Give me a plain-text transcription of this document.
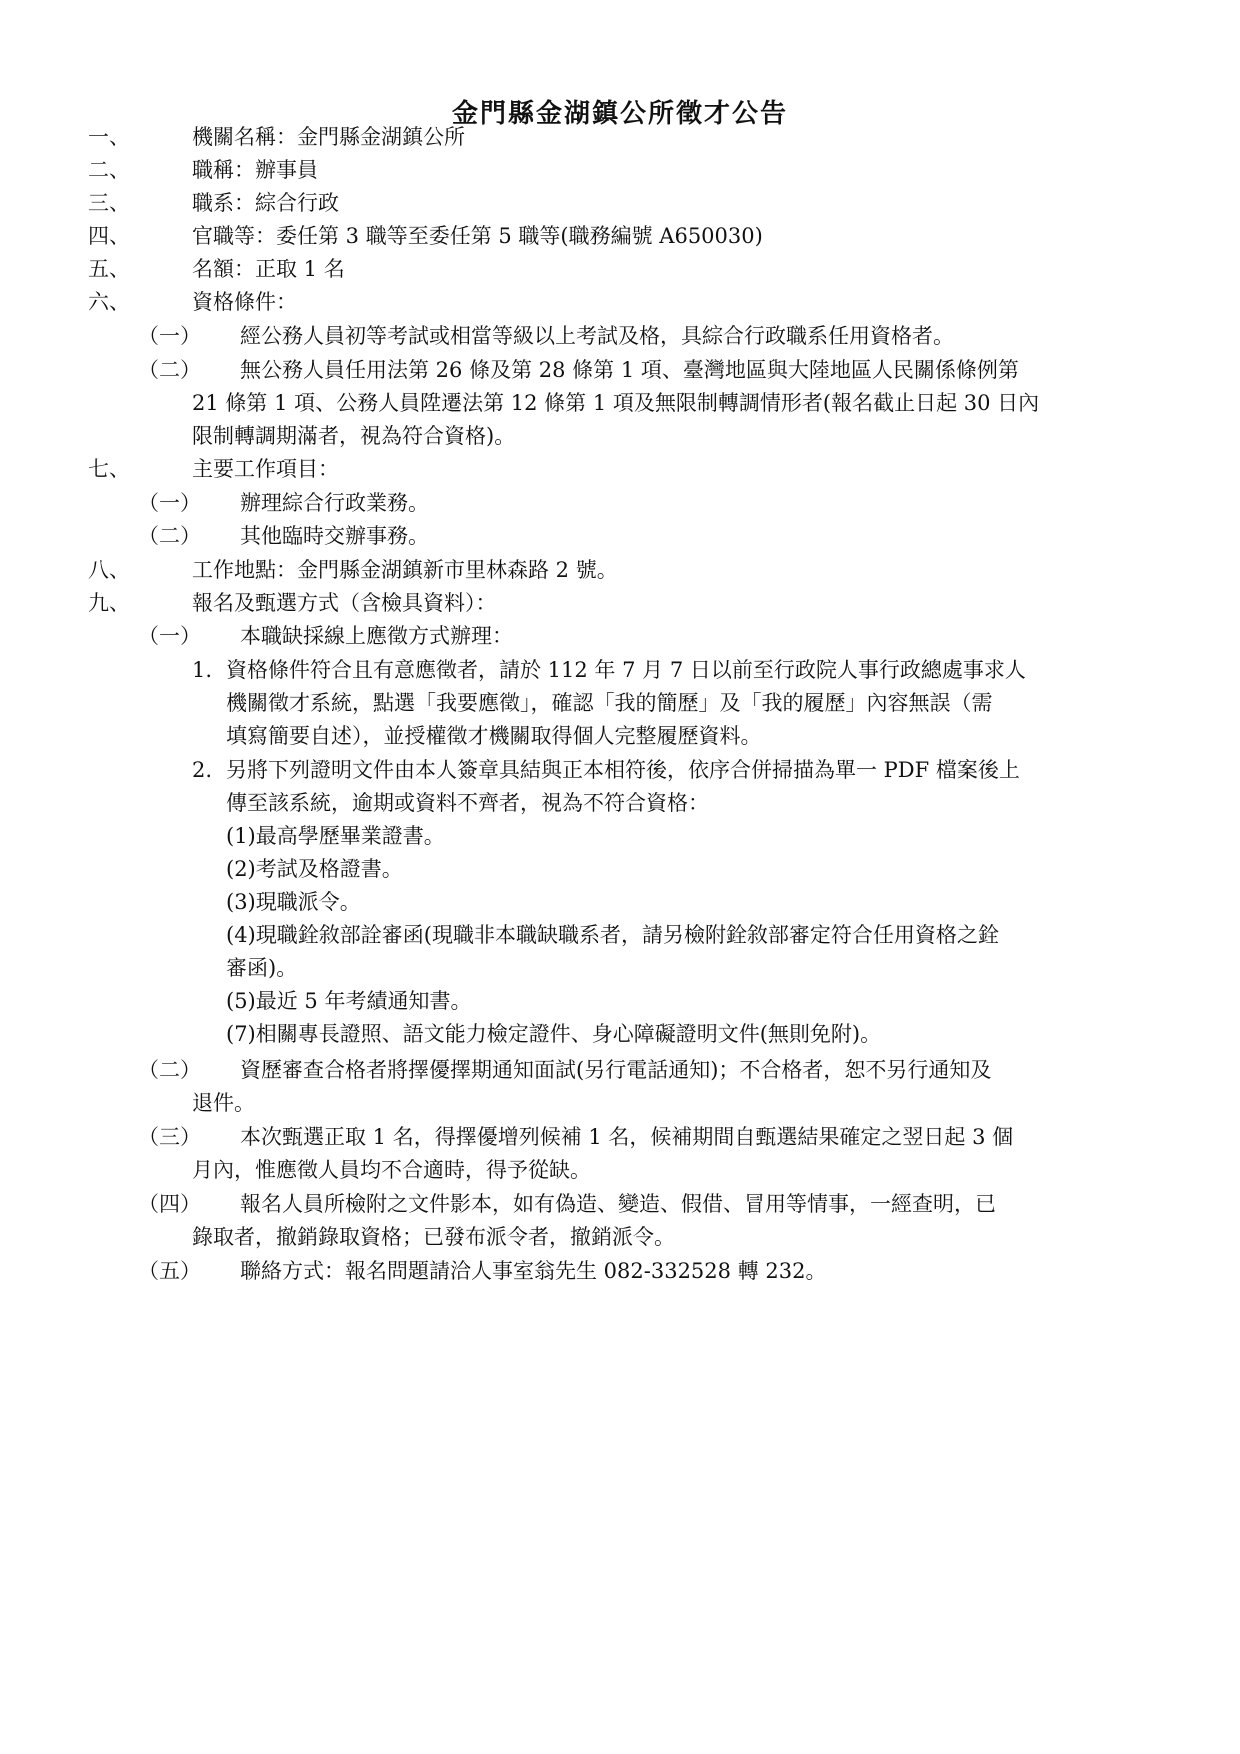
金門縣金湖鎮公所徵才公告
一、	機關名稱：金門縣金湖鎮公所
二、	職稱：辦事員
三、	職系：綜合行政
四、	官職等：委任第 3 職等至委任第 5 職等(職務編號 A650030)
五、	名額：正取 1 名
六、	資格條件：
（一） 經公務人員初等考試或相當等級以上考試及格，具綜合行政職系任用資格者。
（二） 無公務人員任用法第 26 條及第 28 條第 1 項、臺灣地區與大陸地區人民關係條例第
21 條第 1 項、公務人員陞遷法第 12 條第 1 項及無限制轉調情形者(報名截止日起 30 日內
限制轉調期滿者，視為符合資格)。
七、	主要工作項目：
（一） 辦理綜合行政業務。
（二） 其他臨時交辦事務。
八、	工作地點：金門縣金湖鎮新市里林森路 2 號。
九、	報名及甄選方式（含檢具資料）：
（一） 本職缺採線上應徵方式辦理：
1. 資格條件符合且有意應徵者，請於 112 年 7 月 7 日以前至行政院人事行政總處事求人
機關徵才系統，點選「我要應徵」，確認「我的簡歷」及「我的履歷」內容無誤（需
填寫簡要自述），並授權徵才機關取得個人完整履歷資料。
2. 另將下列證明文件由本人簽章具結與正本相符後，依序合併掃描為單一 PDF 檔案後上
傳至該系統，逾期或資料不齊者，視為不符合資格：
(1)最高學歷畢業證書。
(2)考試及格證書。
(3)現職派令。
(4)現職銓敘部詮審函(現職非本職缺職系者，請另檢附銓敘部審定符合任用資格之銓
審函)。
(5)最近 5 年考績通知書。
(7)相關專長證照、語文能力檢定證件、身心障礙證明文件(無則免附)。
（二） 資歷審查合格者將擇優擇期通知面試(另行電話通知)；不合格者，恕不另行通知及
退件。
（三） 本次甄選正取 1 名，得擇優增列候補 1 名，候補期間自甄選結果確定之翌日起 3 個
月內，惟應徵人員均不合適時，得予從缺。
（四） 報名人員所檢附之文件影本，如有偽造、變造、假借、冒用等情事，一經查明，已
錄取者，撤銷錄取資格；已發布派令者，撤銷派令。
（五） 聯絡方式：報名問題請洽人事室翁先生 082-332528 轉 232。
